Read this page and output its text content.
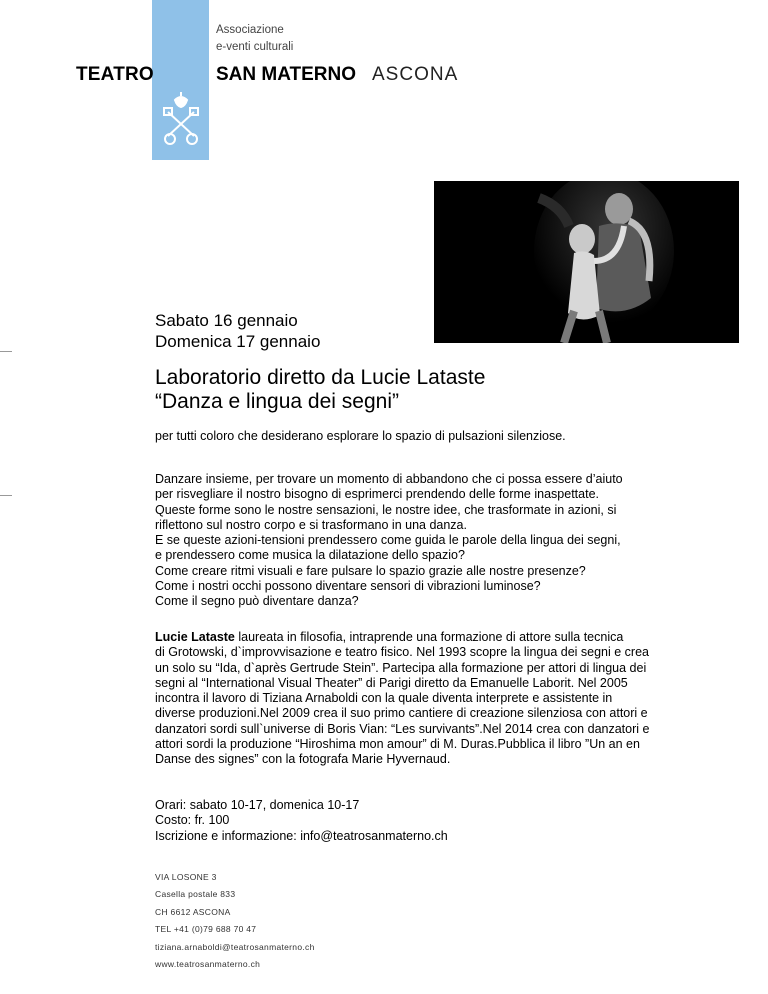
TEATRO
Associazione
e-venti culturali
SAN MATERNO ASCONA
Sabato 16 gennaio
Domenica 17 gennaio
Laboratorio diretto da Lucie Lataste
“Danza e lingua dei segni”
per tutti coloro che desiderano esplorare lo spazio di pulsazioni silenziose.
Danzare insieme, per trovare un momento di abbandono che ci possa essere d’aiuto
per risvegliare il nostro bisogno di esprimerci prendendo delle forme inaspettate.
Queste forme sono le nostre sensazioni, le nostre idee, che trasformate in azioni, si
riflettono sul nostro corpo e si trasformano in una danza.
E se queste azioni-tensioni prendessero come guida le parole della lingua dei segni,
e prendessero come musica la dilatazione dello spazio?
Come creare ritmi visuali e fare pulsare lo spazio grazie alle nostre presenze?
Come i nostri occhi possono diventare sensori di vibrazioni luminose?
Come il segno può diventare danza?
Lucie Lataste laureata in filosofia, intraprende una formazione di attore sulla tecnica
di Grotowski, d`improvvisazione e teatro fisico. Nel 1993 scopre la lingua dei segni e crea
un solo su “Ida, d`après Gertrude Stein”. Partecipa alla formazione per attori di lingua dei
segni al “International Visual Theater” di Parigi diretto da Emanuelle Laborit. Nel 2005
incontra il lavoro di Tiziana Arnaboldi con la quale diventa interprete e assistente in
diverse produzioni.Nel 2009 crea il suo primo cantiere di creazione silenziosa con attori e
danzatori sordi sull`universe di Boris Vian: “Les survivants”.Nel 2014 crea con danzatori e
attori sordi la produzione “Hiroshima mon amour” di M. Duras.Pubblica il libro ”Un an en
Danse des signes” con la fotografa Marie Hyvernaud.
Orari: sabato 10-17, domenica 10-17
Costo: fr. 100
Iscrizione e informazione: info@teatrosanmaterno.ch
VIA LOSONE 3
Casella postale 833
CH 6612 ASCONA
TEL +41 (0)79 688 70 47
tiziana.arnaboldi@teatrosanmaterno.ch
www.teatrosanmaterno.ch
